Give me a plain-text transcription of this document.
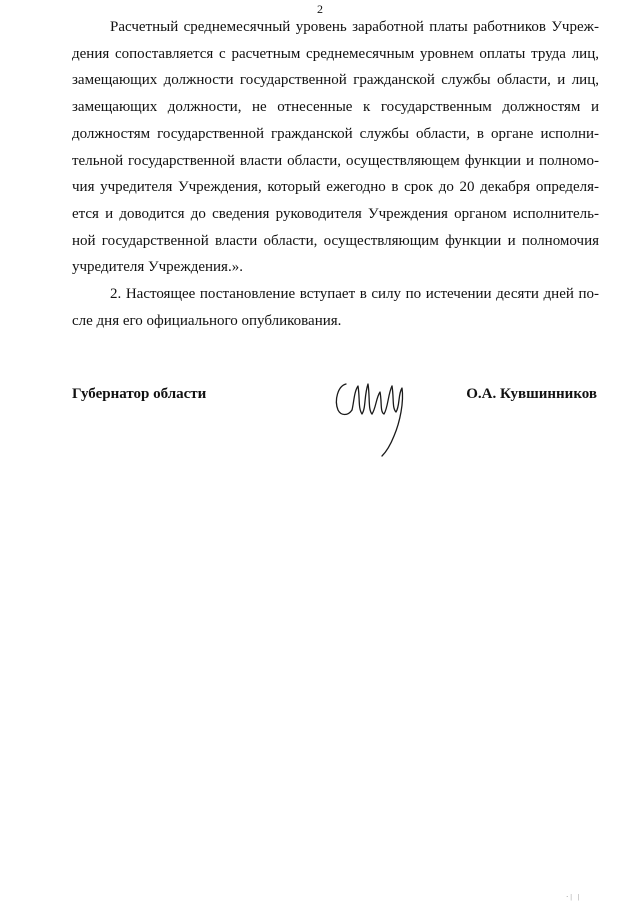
2
Расчетный среднемесячный уровень заработной платы работников Учреж-
дения сопоставляется с расчетным среднемесячным уровнем оплаты труда лиц,
замещающих должности государственной гражданской службы области, и лиц,
замещающих должности, не отнесенные к государственным должностям и
должностям государственной гражданской службы области, в органе исполни-
тельной государственной власти области, осуществляющем функции и полномо-
чия учредителя Учреждения, который ежегодно в срок до 20 декабря определя-
ется и доводится до сведения руководителя Учреждения органом исполнитель-
ной государственной власти области, осуществляющим функции и полномочия
учредителя Учреждения.».
2. Настоящее постановление вступает в силу по истечении десяти дней по-
сле дня его официального опубликования.
Губернатор области	О.А. Кувшинников
·| |
